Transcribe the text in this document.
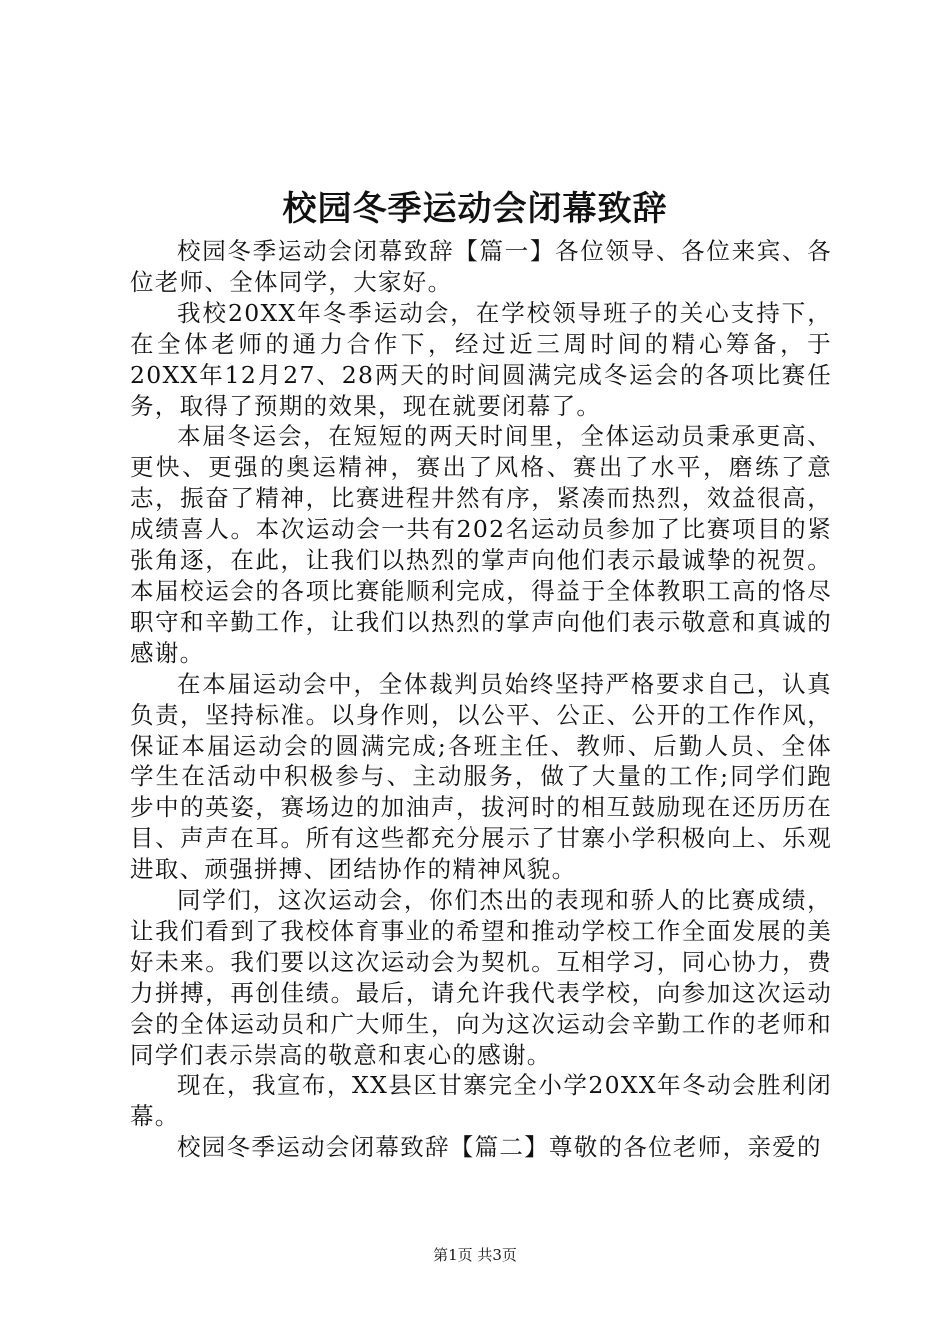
校园冬季运动会闭幕致辞

校园冬季运动会闭幕致辞【篇一】各位领导、各位来宾、各位老师、全体同学，大家好。

我校20XX年冬季运动会，在学校领导班子的关心支持下，在全体老师的通力合作下，经过近三周时间的精心筹备，于20XX年12月27、28两天的时间圆满完成冬运会的各项比赛任务，取得了预期的效果，现在就要闭幕了。

本届冬运会，在短短的两天时间里，全体运动员秉承更高、更快、更强的奥运精神，赛出了风格、赛出了水平，磨练了意志，振奋了精神，比赛进程井然有序，紧凑而热烈，效益很高，成绩喜人。本次运动会一共有202名运动员参加了比赛项目的紧张角逐，在此，让我们以热烈的掌声向他们表示最诚挚的祝贺。本届校运会的各项比赛能顺利完成，得益于全体教职工高的恪尽职守和辛勤工作，让我们以热烈的掌声向他们表示敬意和真诚的感谢。

在本届运动会中，全体裁判员始终坚持严格要求自己，认真负责，坚持标准。以身作则，以公平、公正、公开的工作作风，保证本届运动会的圆满完成;各班主任、教师、后勤人员、全体学生在活动中积极参与、主动服务，做了大量的工作;同学们跑步中的英姿，赛场边的加油声，拔河时的相互鼓励现在还历历在目、声声在耳。所有这些都充分展示了甘寨小学积极向上、乐观进取、顽强拼搏、团结协作的精神风貌。

同学们，这次运动会，你们杰出的表现和骄人的比赛成绩，让我们看到了我校体育事业的希望和推动学校工作全面发展的美好未来。我们要以这次运动会为契机。互相学习，同心协力，费力拼搏，再创佳绩。最后，请允许我代表学校，向参加这次运动会的全体运动员和广大师生，向为这次运动会辛勤工作的老师和同学们表示崇高的敬意和衷心的感谢。

现在，我宣布，XX县区甘寨完全小学20XX年冬动会胜利闭幕。

校园冬季运动会闭幕致辞【篇二】尊敬的各位老师，亲爱的

第1页 共3页
